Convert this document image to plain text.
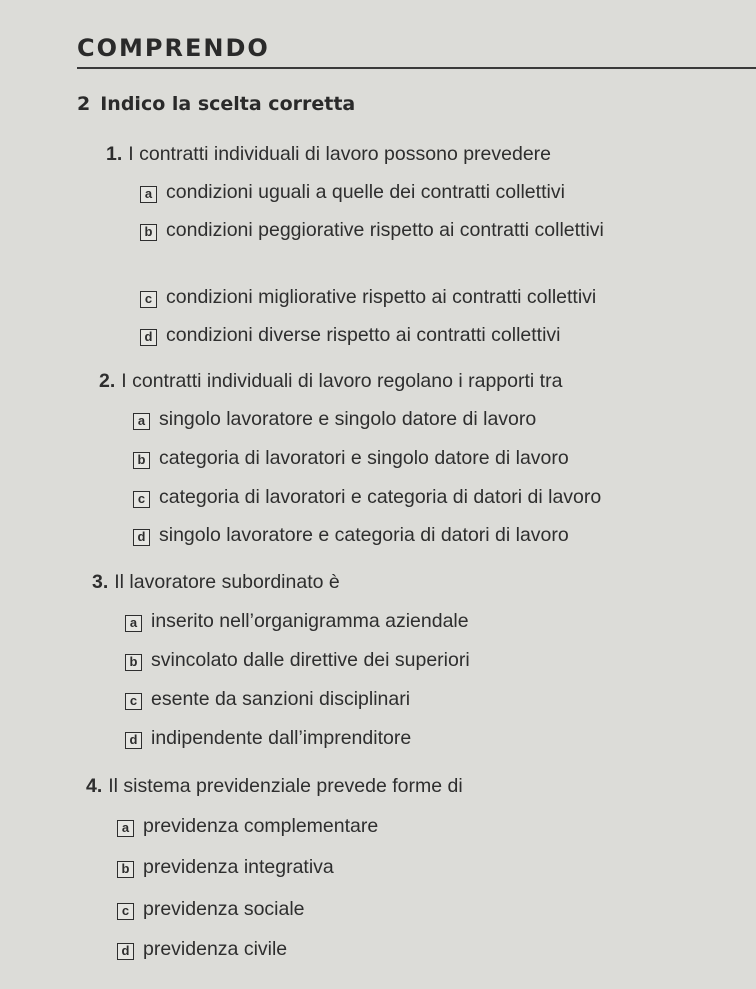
COMPRENDO
2 Indico la scelta corretta
1. I contratti individuali di lavoro possono prevedere
a condizioni uguali a quelle dei contratti collettivi
b condizioni peggiorative rispetto ai contratti collettivi
c condizioni migliorative rispetto ai contratti collettivi
d condizioni diverse rispetto ai contratti collettivi
2. I contratti individuali di lavoro regolano i rapporti tra
a singolo lavoratore e singolo datore di lavoro
b categoria di lavoratori e singolo datore di lavoro
c categoria di lavoratori e categoria di datori di lavoro
d singolo lavoratore e categoria di datori di lavoro
3. Il lavoratore subordinato è
a inserito nell’organigramma aziendale
b svincolato dalle direttive dei superiori
c esente da sanzioni disciplinari
d indipendente dall’imprenditore
4. Il sistema previdenziale prevede forme di
a previdenza complementare
b previdenza integrativa
c previdenza sociale
d previdenza civile
